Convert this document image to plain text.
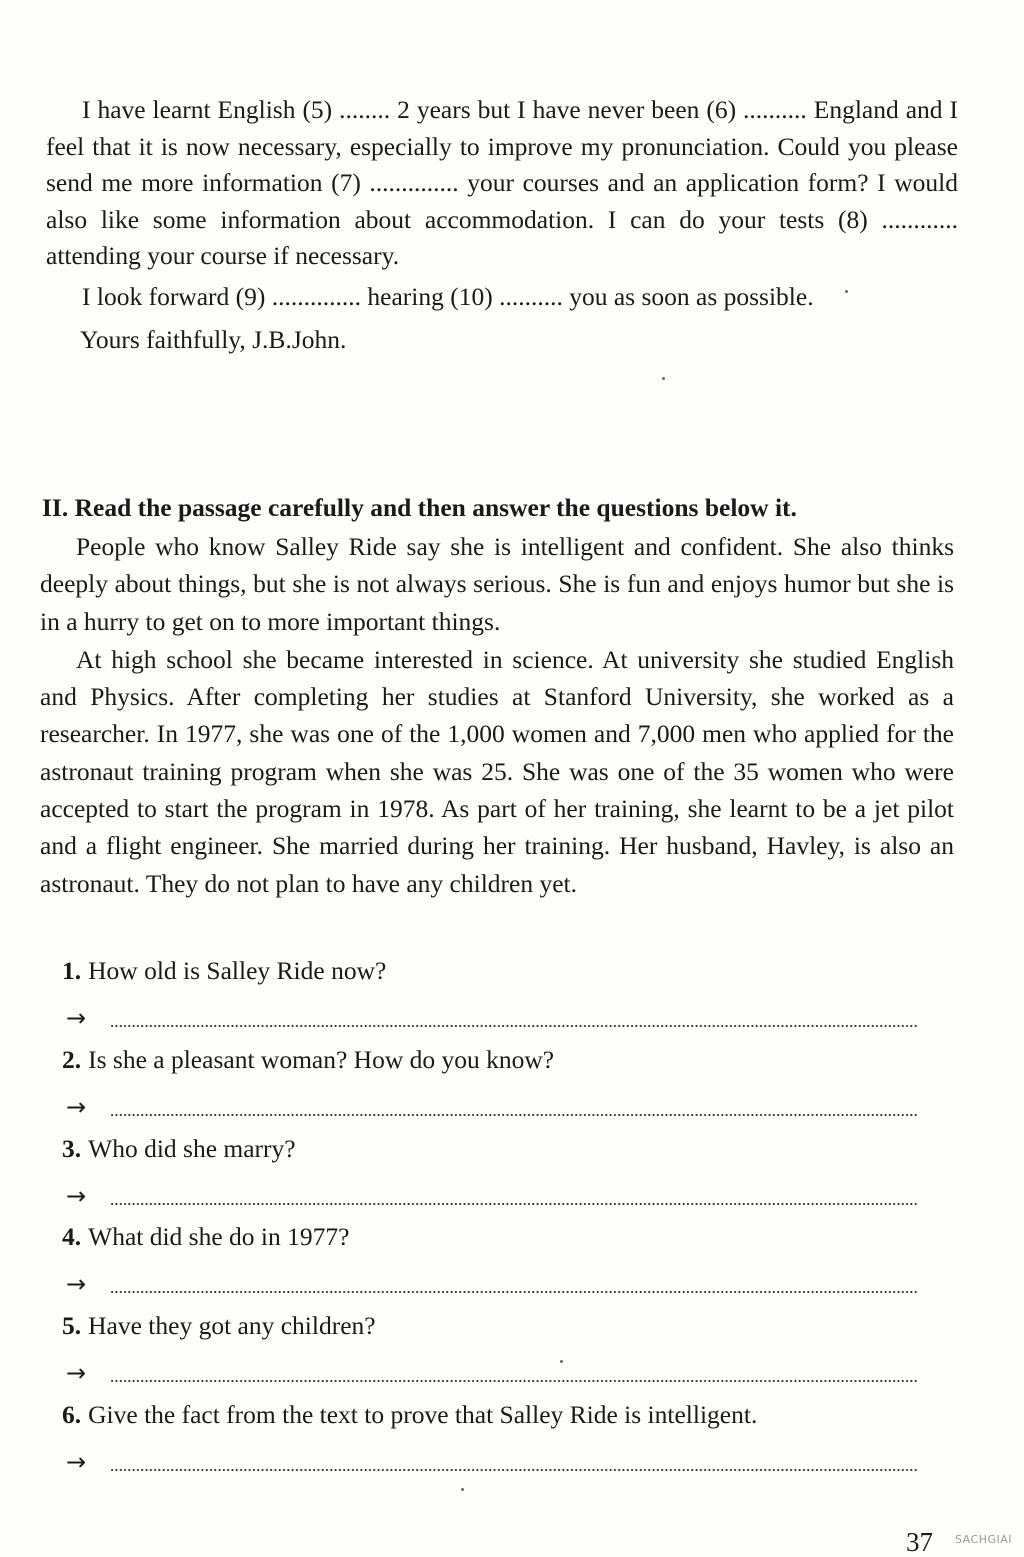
I have learnt English (5) ........ 2 years but I have never been (6) .......... England and I feel that it is now necessary, especially to improve my pronunciation. Could you please send me more information (7) .............. your courses and an application form? I would also like some information about accommodation. I can do your tests (8) ............ attending your course if necessary.

I look forward (9) .............. hearing (10) .......... you as soon as possible.

Yours faithfully, J.B.John.

II. Read the passage carefully and then answer the questions below it.

People who know Salley Ride say she is intelligent and confident. She also thinks deeply about things, but she is not always serious. She is fun and enjoys humor but she is in a hurry to get on to more important things.

At high school she became interested in science. At university she studied English and Physics. After completing her studies at Stanford University, she worked as a researcher. In 1977, she was one of the 1,000 women and 7,000 men who applied for the astronaut training program when she was 25. She was one of the 35 women who were accepted to start the program in 1978. As part of her training, she learnt to be a jet pilot and a flight engineer. She married during her training. Her husband, Havley, is also an astronaut. They do not plan to have any children yet.

1. How old is Salley Ride now?

→

2. Is she a pleasant woman? How do you know?

→

3. Who did she marry?

→

4. What did she do in 1977?

→

5. Have they got any children?

→

6. Give the fact from the text to prove that Salley Ride is intelligent.

→

37 SACHGIAI
